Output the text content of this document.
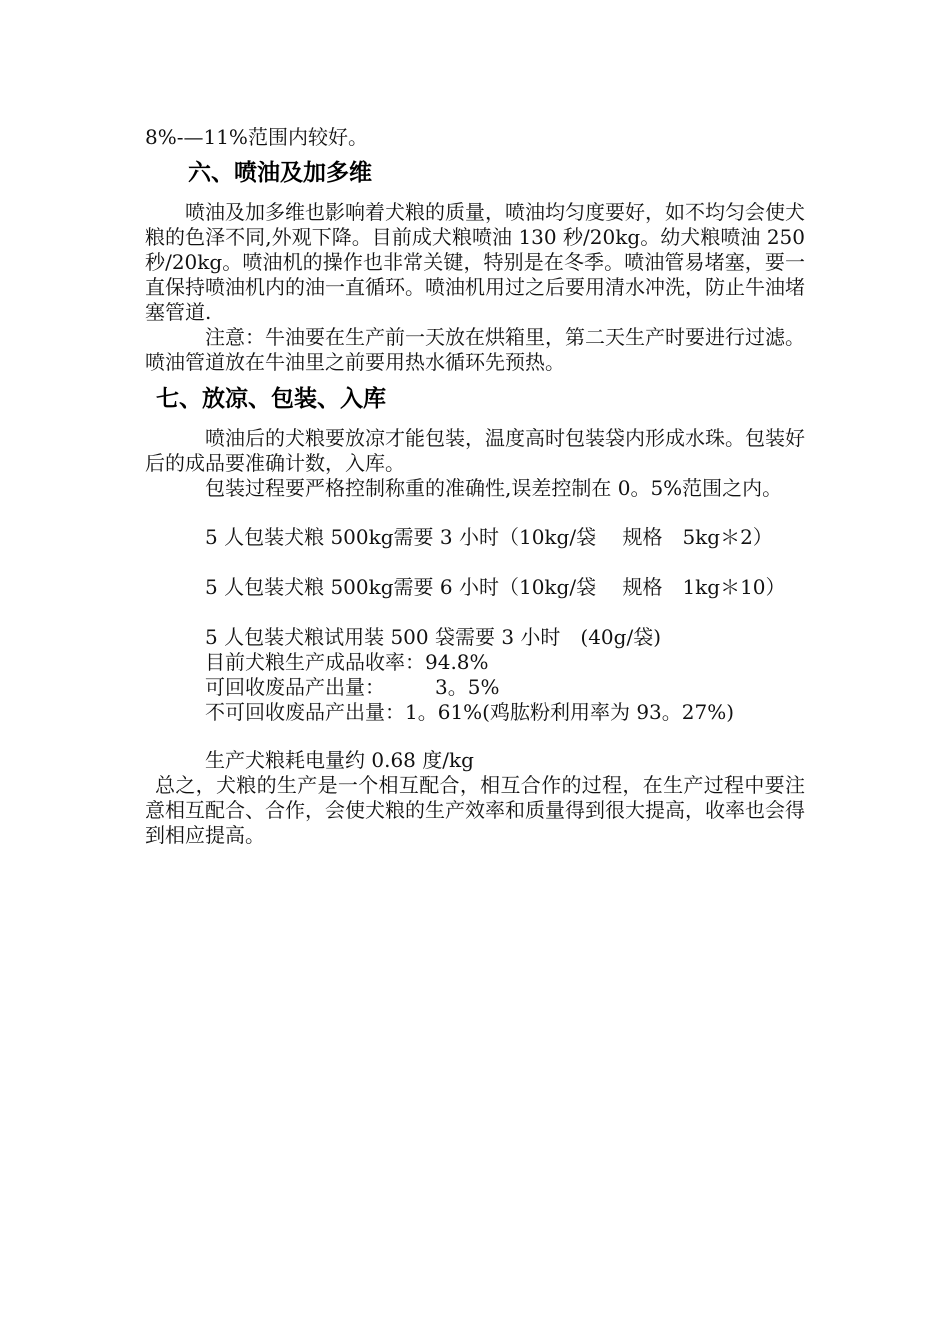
8%-—11%范围内较好。
六、喷油及加多维
喷油及加多维也影响着犬粮的质量，喷油均匀度要好，如不均匀会使犬粮的色泽不同,外观下降。目前成犬粮喷油 130 秒/20kg。幼犬粮喷油 250 秒/20kg。喷油机的操作也非常关键，特别是在冬季。喷油管易堵塞，要一直保持喷油机内的油一直循环。喷油机用过之后要用清水冲洗，防止牛油堵塞管道.
注意：牛油要在生产前一天放在烘箱里，第二天生产时要进行过滤。喷油管道放在牛油里之前要用热水循环先预热。
七、放凉、包装、入库
喷油后的犬粮要放凉才能包装，温度高时包装袋内形成水珠。包装好后的成品要准确计数，入库。
包装过程要严格控制称重的准确性,误差控制在 0。5%范围之内。
5 人包装犬粮 500kg需要 3 小时（10kg/袋　 规格　5kg＊2）
5 人包装犬粮 500kg需要 6 小时（10kg/袋　 规格　1kg＊10）
5 人包装犬粮试用装 500 袋需要 3 小时　(40g/袋)
目前犬粮生产成品收率：94.8%
可回收废品产出量：　　　3。5%
不可回收废品产出量：1。61%(鸡肱粉利用率为 93。27%)
生产犬粮耗电量约 0.68 度/kg
总之，犬粮的生产是一个相互配合，相互合作的过程，在生产过程中要注意相互配合、合作，会使犬粮的生产效率和质量得到很大提高，收率也会得到相应提高。
